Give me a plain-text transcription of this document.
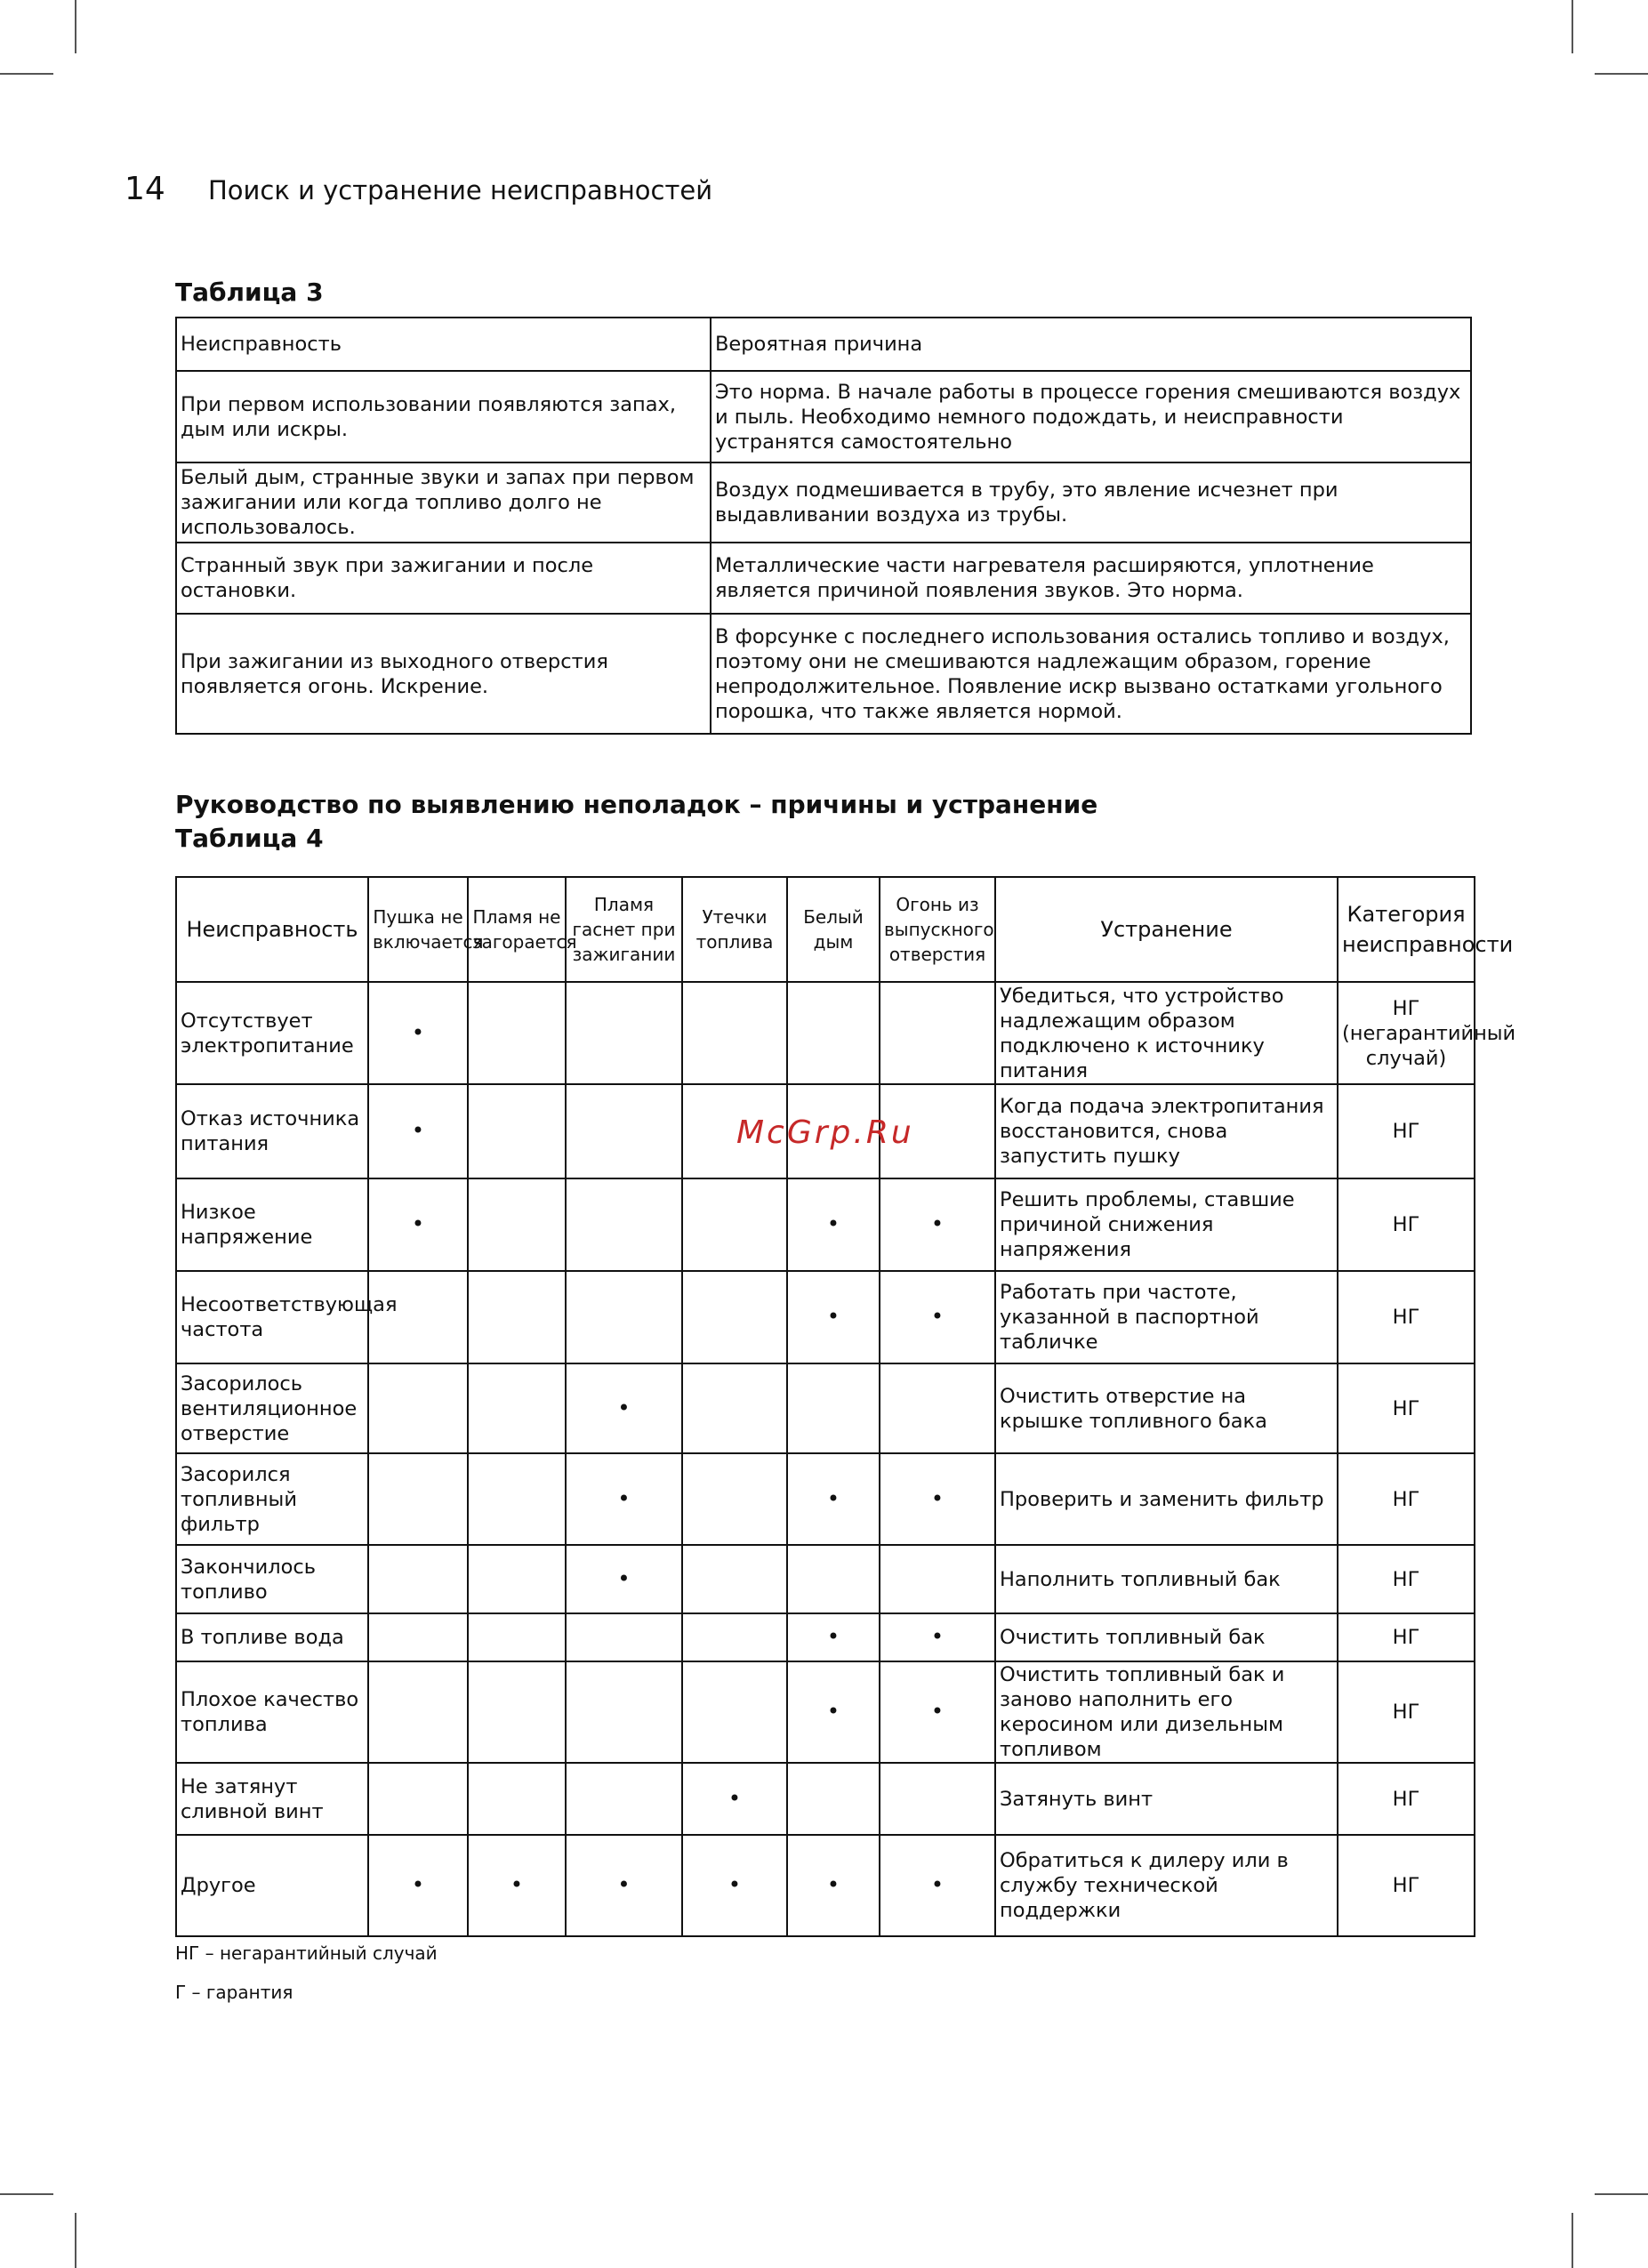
14 Поиск и устранение неисправностей
Таблица 3
Неисправность	Вероятная причина
При первом использовании появляются запах, дым или искры.	Это норма. В начале работы в процессе горения смешиваются воздух и пыль. Необходимо немного подождать, и неисправности устранятся самостоятельно
Белый дым, странные звуки и запах при первом зажигании или когда топливо долго не использовалось.	Воздух подмешивается в трубу, это явление исчезнет при выдавливании воздуха из трубы.
Странный звук при зажигании и после остановки.	Металлические части нагревателя расширяются, уплотнение является причиной появления звуков. Это норма.
При зажигании из выходного отверстия появляется огонь. Искрение.	В форсунке с последнего использования остались топливо и воздух, поэтому они не смешиваются надлежащим образом, горение непродолжительное. Появление искр вызвано остатками угольного порошка, что также является нормой.
Руководство по выявлению неполадок – причины и устранение
Таблица 4
Неисправность	Пушка не включается	Пламя не загорается	Пламя гаснет при зажигании	Утечки топлива	Белый дым	Огонь из выпускного отверстия	Устранение	Категория неисправности
Отсутствует электропитание	•						Убедиться, что устройство надлежащим образом подключено к источнику питания	НГ (негарантийный случай)
Отказ источника питания	•						Когда подача электропитания восстановится, снова запустить пушку	НГ
Низкое напряжение	•				•	•	Решить проблемы, ставшие причиной снижения напряжения	НГ
Несоответствующая частота					•	•	Работать при частоте, указанной в паспортной табличке	НГ
Засорилось вентиляционное отверстие			•				Очистить отверстие на крышке топливного бака	НГ
Засорился топливный фильтр			•		•	•	Проверить и заменить фильтр	НГ
Закончилось топливо			•				Наполнить топливный бак	НГ
В топливе вода					•	•	Очистить топливный бак	НГ
Плохое качество топлива					•	•	Очистить топливный бак и заново наполнить его керосином или дизельным топливом	НГ
Не затянут сливной винт				•			Затянуть винт	НГ
Другое	•	•	•	•	•	•	Обратиться к дилеру или в службу технической поддержки	НГ
McGrp.Ru
НГ – негарантийный случай
Г – гарантия
